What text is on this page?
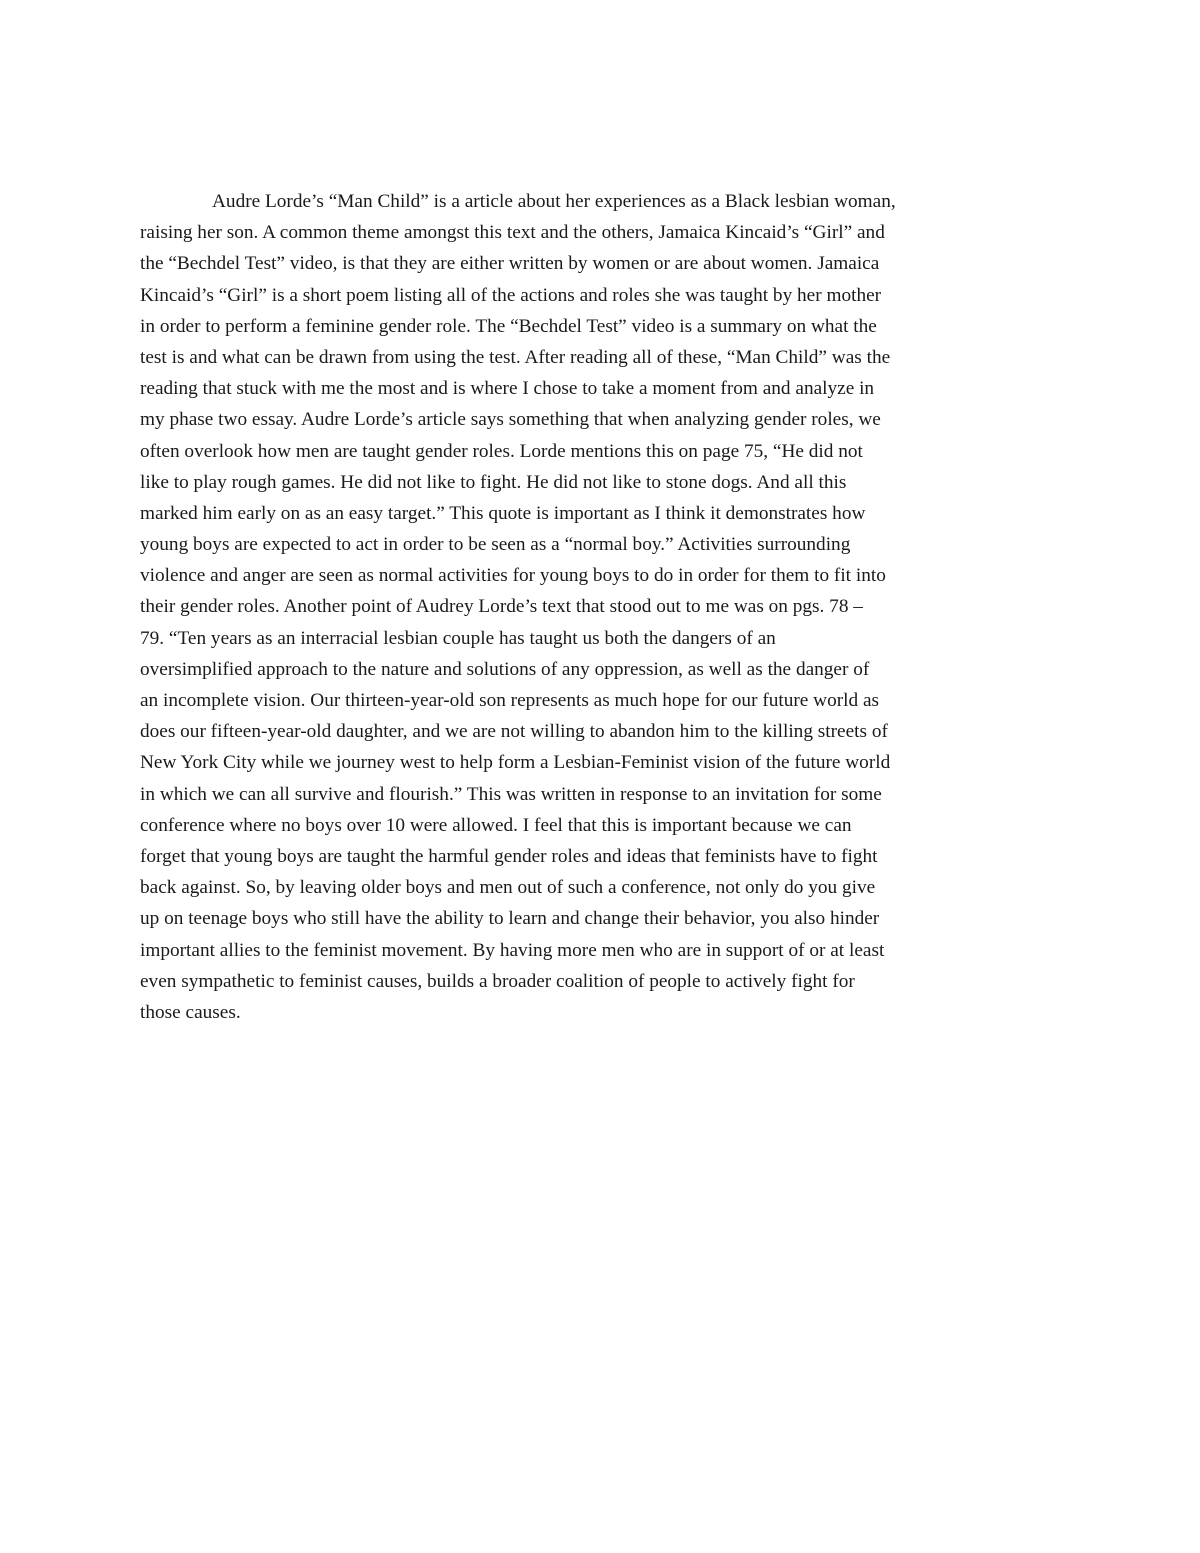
Audre Lorde’s “Man Child” is a article about her experiences as a Black lesbian woman,
raising her son. A common theme amongst this text and the others, Jamaica Kincaid’s “Girl” and
the “Bechdel Test” video, is that they are either written by women or are about women. Jamaica
Kincaid’s “Girl” is a short poem listing all of the actions and roles she was taught by her mother
in order to perform a feminine gender role. The “Bechdel Test” video is a summary on what the
test is and what can be drawn from using the test. After reading all of these, “Man Child” was the
reading that stuck with me the most and is where I chose to take a moment from and analyze in
my phase two essay. Audre Lorde’s article says something that when analyzing gender roles, we
often overlook how men are taught gender roles. Lorde mentions this on page 75, “He did not
like to play rough games. He did not like to fight. He did not like to stone dogs. And all this
marked him early on as an easy target.” This quote is important as I think it demonstrates how
young boys are expected to act in order to be seen as a “normal boy.” Activities surrounding
violence and anger are seen as normal activities for young boys to do in order for them to fit into
their gender roles. Another point of Audrey Lorde’s text that stood out to me was on pgs. 78 –
79. “Ten years as an interracial lesbian couple has taught us both the dangers of an
oversimplified approach to the nature and solutions of any oppression, as well as the danger of
an incomplete vision. Our thirteen-year-old son represents as much hope for our future world as
does our fifteen-year-old daughter, and we are not willing to abandon him to the killing streets of
New York City while we journey west to help form a Lesbian-Feminist vision of the future world
in which we can all survive and flourish.” This was written in response to an invitation for some
conference where no boys over 10 were allowed. I feel that this is important because we can
forget that young boys are taught the harmful gender roles and ideas that feminists have to fight
back against. So, by leaving older boys and men out of such a conference, not only do you give
up on teenage boys who still have the ability to learn and change their behavior, you also hinder
important allies to the feminist movement. By having more men who are in support of or at least
even sympathetic to feminist causes, builds a broader coalition of people to actively fight for
those causes.
